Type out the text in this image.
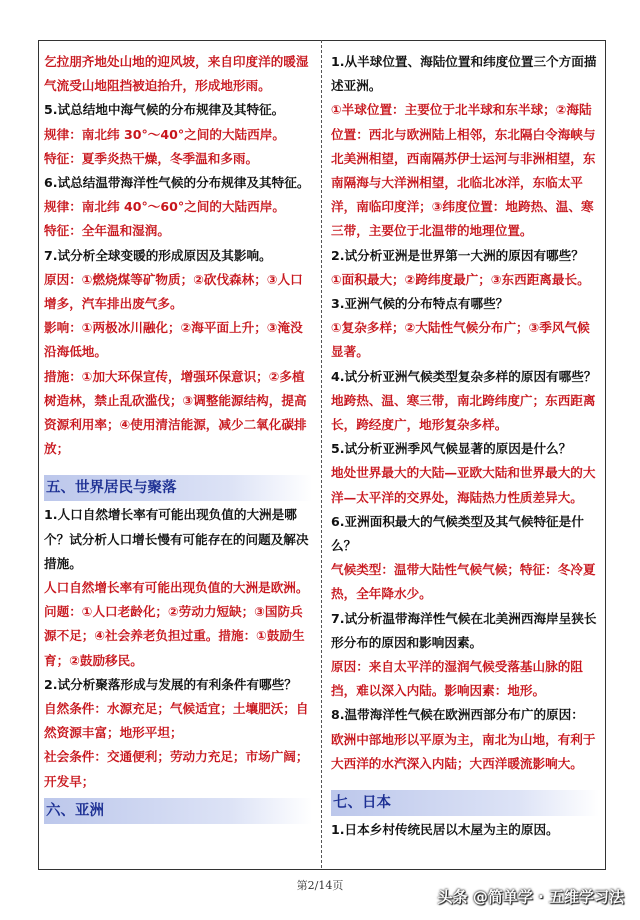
乞拉朋齐地处山地的迎风坡，来自印度洋的暖湿气流受山地阻挡被迫抬升，形成地形雨。

5.试总结地中海气候的分布规律及其特征。

规律：南北纬 30°～40°之间的大陆西岸。

特征：夏季炎热干燥，冬季温和多雨。

6.试总结温带海洋性气候的分布规律及其特征。

规律：南北纬 40°～60°之间的大陆西岸。

特征：全年温和湿润。

7.试分析全球变暖的形成原因及其影响。

原因：①燃烧煤等矿物质；②砍伐森林；③人口增多，汽车排出废气多。

影响：①两极冰川融化；②海平面上升；③淹没沿海低地。

措施：①加大环保宣传，增强环保意识；②多植树造林，禁止乱砍滥伐；③调整能源结构，提高资源利用率；④使用清洁能源，减少二氧化碳排放；

五、世界居民与聚落

1.人口自然增长率有可能出现负值的大洲是哪个？试分析人口增长慢有可能存在的问题及解决措施。

人口自然增长率有可能出现负值的大洲是欧洲。

问题：①人口老龄化；②劳动力短缺；③国防兵源不足；④社会养老负担过重。措施：①鼓励生育；②鼓励移民。

2.试分析聚落形成与发展的有利条件有哪些？

自然条件：水源充足；气候适宜；土壤肥沃；自然资源丰富；地形平坦；

社会条件：交通便利；劳动力充足；市场广阔；开发早；

六、亚洲

1.从半球位置、海陆位置和纬度位置三个方面描述亚洲。

①半球位置：主要位于北半球和东半球；②海陆位置：西北与欧洲陆上相邻，东北隔白令海峡与北美洲相望，西南隔苏伊士运河与非洲相望，东南隔海与大洋洲相望，北临北冰洋，东临太平洋，南临印度洋；③纬度位置：地跨热、温、寒三带，主要位于北温带的地理位置。

2.试分析亚洲是世界第一大洲的原因有哪些？

①面积最大；②跨纬度最广；③东西距离最长。

3.亚洲气候的分布特点有哪些？

①复杂多样；②大陆性气候分布广；③季风气候显著。

4.试分析亚洲气候类型复杂多样的原因有哪些？

地跨热、温、寒三带，南北跨纬度广；东西距离长，跨经度广，地形复杂多样。

5.试分析亚洲季风气候显著的原因是什么？

地处世界最大的大陆—亚欧大陆和世界最大的大洋—太平洋的交界处，海陆热力性质差异大。

6.亚洲面积最大的气候类型及其气候特征是什么？

气候类型：温带大陆性气候气候；特征：冬冷夏热，全年降水少。

7.试分析温带海洋性气候在北美洲西海岸呈狭长形分布的原因和影响因素。

原因：来自太平洋的湿润气候受落基山脉的阻挡，难以深入内陆。影响因素：地形。

8.温带海洋性气候在欧洲西部分布广的原因：

欧洲中部地形以平原为主，南北为山地，有利于大西洋的水汽深入内陆；大西洋暖流影响大。

七、日本

1.日本乡村传统民居以木屋为主的原因。

第2/14页
头条 @简单学 · 五维学习法
